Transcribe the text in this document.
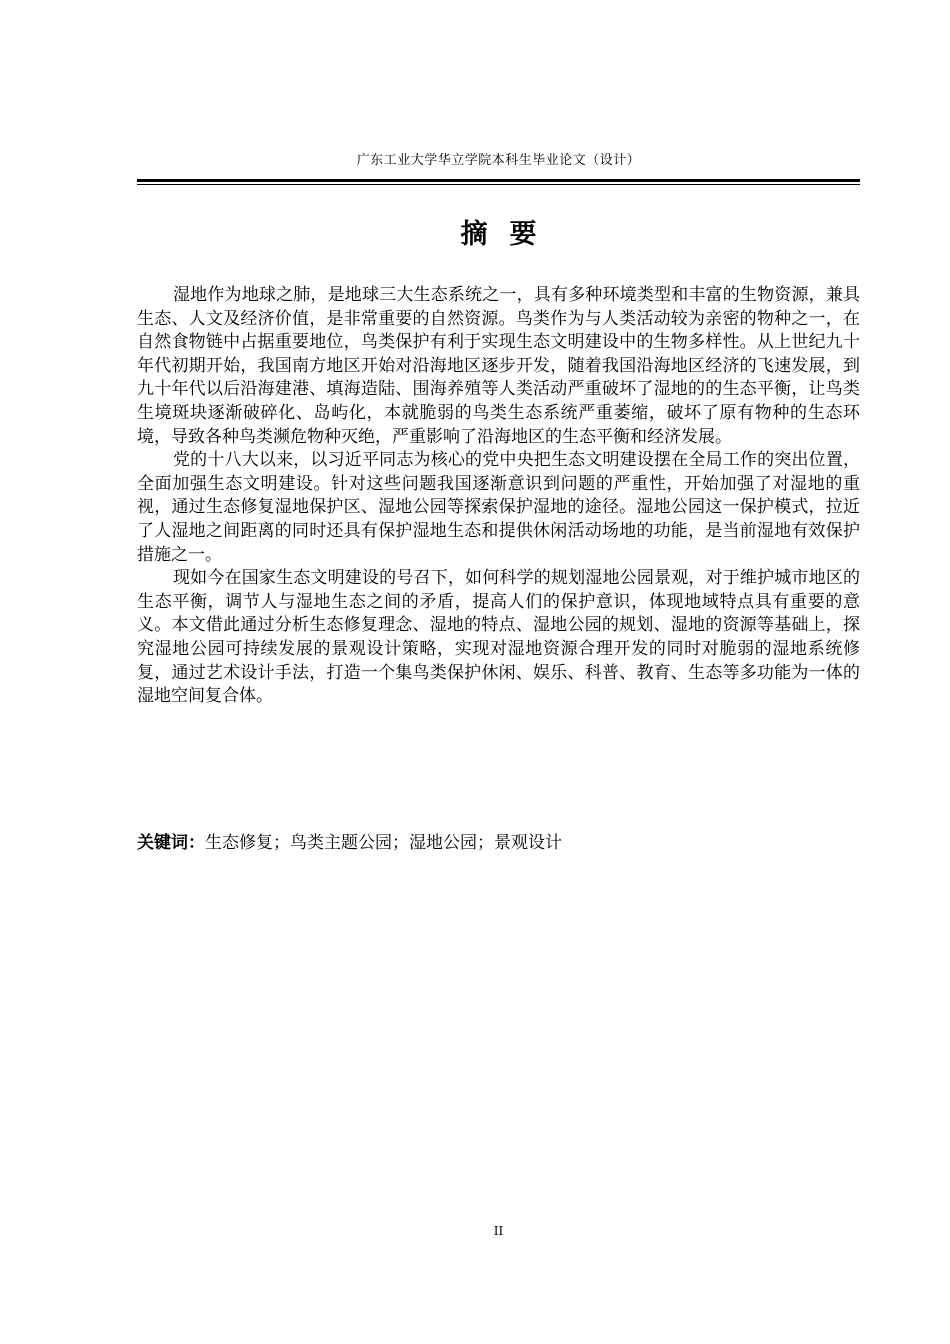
广东工业大学华立学院本科生毕业论文（设计）
摘要

湿地作为地球之肺，是地球三大生态系统之一，具有多种环境类型和丰富的生物资源，兼具生态、人文及经济价值，是非常重要的自然资源。鸟类作为与人类活动较为亲密的物种之一，在自然食物链中占据重要地位，鸟类保护有利于实现生态文明建设中的生物多样性。从上世纪九十年代初期开始，我国南方地区开始对沿海地区逐步开发，随着我国沿海地区经济的飞速发展，到九十年代以后沿海建港、填海造陆、围海养殖等人类活动严重破坏了湿地的的生态平衡，让鸟类生境斑块逐渐破碎化、岛屿化，本就脆弱的鸟类生态系统严重萎缩，破坏了原有物种的生态环境，导致各种鸟类濒危物种灭绝，严重影响了沿海地区的生态平衡和经济发展。

党的十八大以来，以习近平同志为核心的党中央把生态文明建设摆在全局工作的突出位置，全面加强生态文明建设。针对这些问题我国逐渐意识到问题的严重性，开始加强了对湿地的重视，通过生态修复湿地保护区、湿地公园等探索保护湿地的途径。湿地公园这一保护模式，拉近了人湿地之间距离的同时还具有保护湿地生态和提供休闲活动场地的功能，是当前湿地有效保护措施之一。

现如今在国家生态文明建设的号召下，如何科学的规划湿地公园景观，对于维护城市地区的生态平衡，调节人与湿地生态之间的矛盾，提高人们的保护意识，体现地域特点具有重要的意义。本文借此通过分析生态修复理念、湿地的特点、湿地公园的规划、湿地的资源等基础上，探究湿地公园可持续发展的景观设计策略，实现对湿地资源合理开发的同时对脆弱的湿地系统修复，通过艺术设计手法，打造一个集鸟类保护休闲、娱乐、科普、教育、生态等多功能为一体的湿地空间复合体。

关键词：生态修复；鸟类主题公园；湿地公园；景观设计
II
